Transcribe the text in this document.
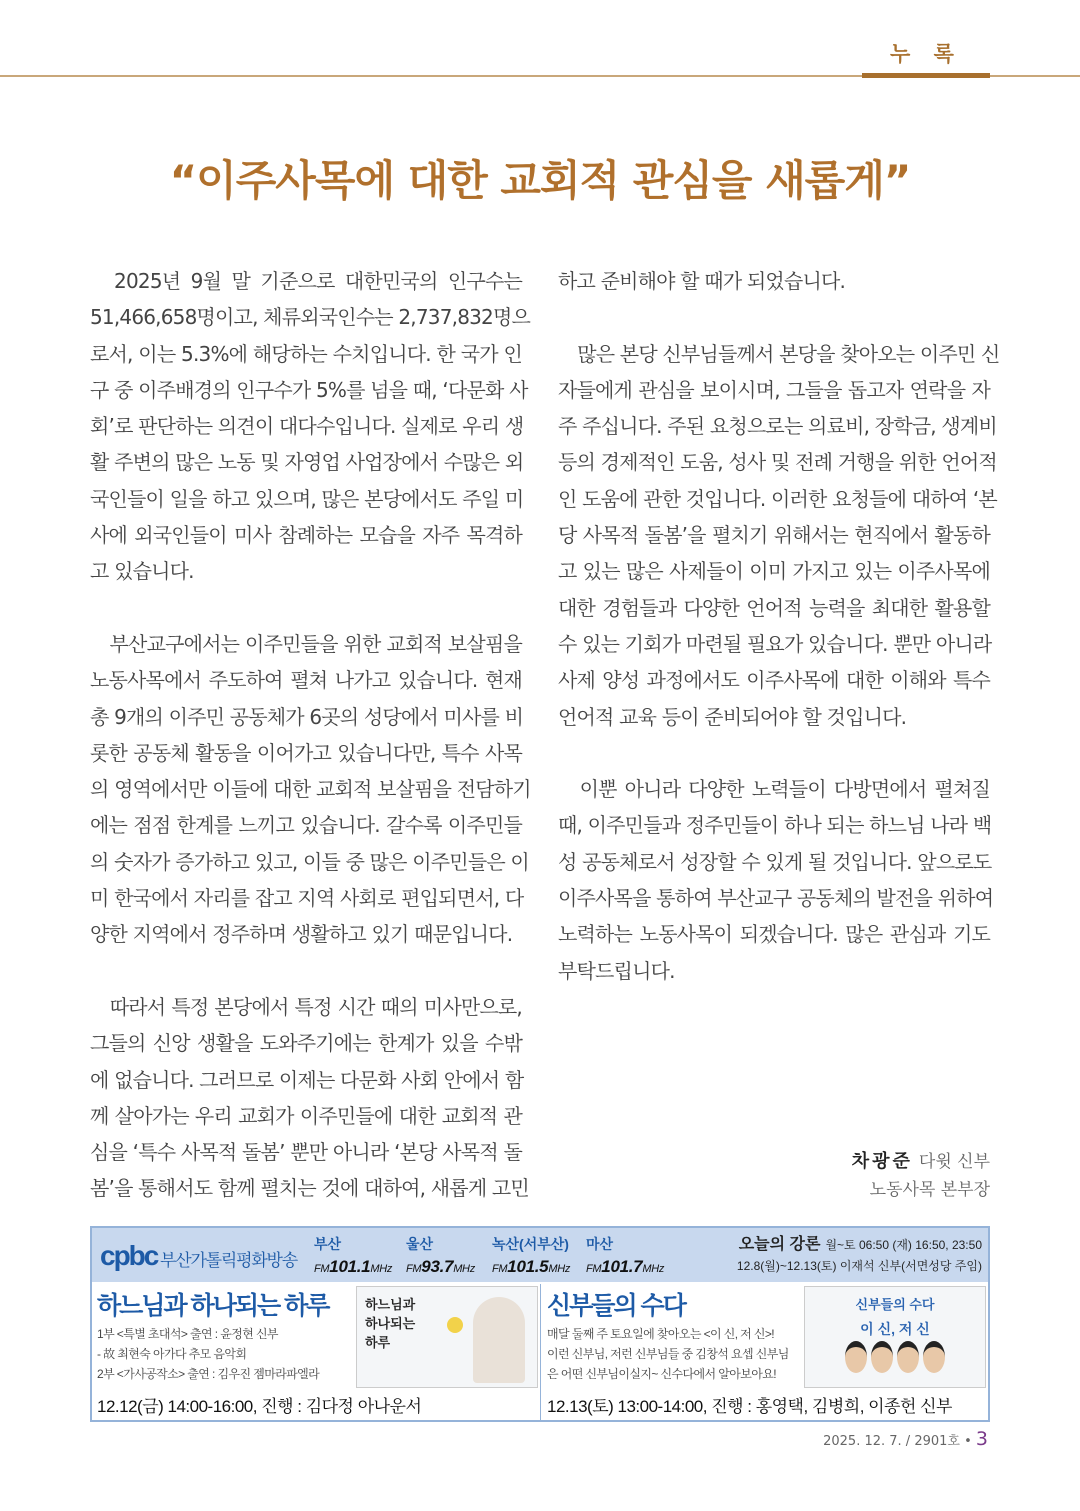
누 록
“이주사목에 대한 교회적 관심을 새롭게”
　2025년 9월 말 기준으로 대한민국의 인구수는
51,466,658명이고, 체류외국인수는 2,737,832명으
로서, 이는 5.3%에 해당하는 수치입니다. 한 국가 인
구 중 이주배경의 인구수가 5%를 넘을 때, ‘다문화 사
회’로 판단하는 의견이 대다수입니다. 실제로 우리 생
활 주변의 많은 노동 및 자영업 사업장에서 수많은 외
국인들이 일을 하고 있으며, 많은 본당에서도 주일 미
사에 외국인들이 미사 참례하는 모습을 자주 목격하
고 있습니다.
　부산교구에서는 이주민들을 위한 교회적 보살핌을
노동사목에서 주도하여 펼쳐 나가고 있습니다. 현재
총 9개의 이주민 공동체가 6곳의 성당에서 미사를 비
롯한 공동체 활동을 이어가고 있습니다만, 특수 사목
의 영역에서만 이들에 대한 교회적 보살핌을 전담하기
에는 점점 한계를 느끼고 있습니다. 갈수록 이주민들
의 숫자가 증가하고 있고, 이들 중 많은 이주민들은 이
미 한국에서 자리를 잡고 지역 사회로 편입되면서, 다
양한 지역에서 정주하며 생활하고 있기 때문입니다.
　따라서 특정 본당에서 특정 시간 때의 미사만으로,
그들의 신앙 생활을 도와주기에는 한계가 있을 수밖
에 없습니다. 그러므로 이제는 다문화 사회 안에서 함
께 살아가는 우리 교회가 이주민들에 대한 교회적 관
심을 ‘특수 사목적 돌봄’ 뿐만 아니라 ‘본당 사목적 돌
봄’을 통해서도 함께 펼치는 것에 대하여, 새롭게 고민
하고 준비해야 할 때가 되었습니다.
　많은 본당 신부님들께서 본당을 찾아오는 이주민 신
자들에게 관심을 보이시며, 그들을 돕고자 연락을 자
주 주십니다. 주된 요청으로는 의료비, 장학금, 생계비
등의 경제적인 도움, 성사 및 전례 거행을 위한 언어적
인 도움에 관한 것입니다. 이러한 요청들에 대하여 ‘본
당 사목적 돌봄’을 펼치기 위해서는 현직에서 활동하
고 있는 많은 사제들이 이미 가지고 있는 이주사목에
대한 경험들과 다양한 언어적 능력을 최대한 활용할
수 있는 기회가 마련될 필요가 있습니다. 뿐만 아니라
사제 양성 과정에서도 이주사목에 대한 이해와 특수
언어적 교육 등이 준비되어야 할 것입니다.
　이뿐 아니라 다양한 노력들이 다방면에서 펼쳐질
때, 이주민들과 정주민들이 하나 되는 하느님 나라 백
성 공동체로서 성장할 수 있게 될 것입니다. 앞으로도
이주사목을 통하여 부산교구 공동체의 발전을 위하여
노력하는 노동사목이 되겠습니다. 많은 관심과 기도
부탁드립니다.
차광준 다윗 신부
노동사목 본부장
cpbc 부산가톨릭평화방송
부산
FM101.1MHz
울산
FM93.7MHz
녹산(서부산)
FM101.5MHz
마산
FM101.7MHz
오늘의 강론 월~토 06:50 (재) 16:50, 23:50
12.8(월)~12.13(토) 이재석 신부(서면성당 주임)
하느님과 하나되는 하루
1부 <특별 초대석> 출연 : 윤정현 신부
- 故 최현숙 아가다 추모 음악회
2부 <가사공작소> 출연 : 김우진 젬마라파엘라
하느님과
하나되는
하루
12.12(금) 14:00-16:00, 진행 : 김다정 아나운서
신부들의 수다
매달 둘째 주 토요일에 찾아오는 <이 신, 저 신>!
이런 신부님, 저런 신부님들 중 김창석 요셉 신부님
은 어떤 신부님이실지~ 신수다에서 알아보아요!
신부들의 수다
이 신, 저 신
12.13(토) 13:00-14:00, 진행 : 홍영택, 김병희, 이종헌 신부
2025. 12. 7. / 2901호 • 3
